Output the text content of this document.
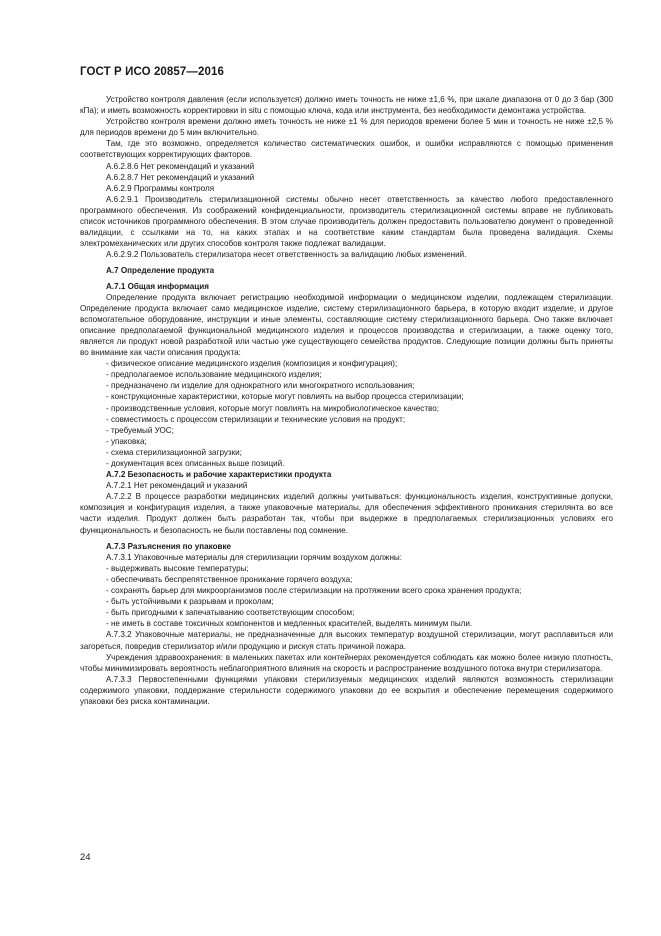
ГОСТ Р ИСО 20857—2016

Устройство контроля давления (если используется) должно иметь точность не ниже ±1,6 %, при шкале диапазона от 0 до 3 бар (300 кПа); и иметь возможность корректировки in situ с помощью ключа, кода или инструмента, без необходимости демонтажа устройства.

Устройство контроля времени должно иметь точность не ниже ±1 % для периодов времени более 5 мин и точность не ниже ±2,5 % для периодов времени до 5 мин включительно.

Там, где это возможно, определяется количество систематических ошибок, и ошибки исправляются с помощью применения соответствующих корректирующих факторов.

А.6.2.8.6 Нет рекомендаций и указаний

А.6.2.8.7 Нет рекомендаций и указаний

А.6.2.9 Программы контроля

А.6.2.9.1 Производитель стерилизационной системы обычно несет ответственность за качество любого предоставленного программного обеспечения. Из соображений конфиденциальности, производитель стерилизационной системы вправе не публиковать список источников программного обеспечения. В этом случае производитель должен предоставить пользователю документ о проведенной валидации, с ссылками на то, на каких этапах и на соответствие каким стандартам была проведена валидация. Схемы электромеханических или других способов контроля также подлежат валидации.

А.6.2.9.2 Пользователь стерилизатора несет ответственность за валидацию любых изменений.

А.7 Определение продукта

А.7.1 Общая информация

Определение продукта включает регистрацию необходимой информации о медицинском изделии, подлежащем стерилизации. Определение продукта включает само медицинское изделие, систему стерилизационного барьера, в которую входит изделие, и другое вспомогательное оборудование, инструкции и иные элементы, составляющие систему стерилизационного барьера. Оно также включает описание предполагаемой функциональной медицинского изделия и процессов производства и стерилизации, а также оценку того, является ли продукт новой разработкой или частью уже существующего семейства продуктов. Следующие позиции должны быть приняты во внимание как части описания продукта:

- физическое описание медицинского изделия (композиция и конфигурация);

- предполагаемое использование медицинского изделия;

- предназначено ли изделие для однократного или многократного использования;

- конструкционные характеристики, которые могут повлиять на выбор процесса стерилизации;

- производственные условия, которые могут повлиять на микробиологическое качество;

- совместимость с процессом стерилизации и технические условия на продукт;

- требуемый УОС;

- упаковка;

- схема стерилизационной загрузки;

- документация всех описанных выше позиций.

А.7.2 Безопасность и рабочие характеристики продукта

А.7.2.1 Нет рекомендаций и указаний

А.7.2.2 В процессе разработки медицинских изделий должны учитываться: функциональность изделия, конструктивные допуски, композиция и конфигурация изделия, а также упаковочные материалы, для обеспечения эффективного проникания стерилянта во все части изделия. Продукт должен быть разработан так, чтобы при выдержке в предполагаемых стерилизационных условиях его функциональность и безопасность не были поставлены под сомнение.

А.7.3 Разъяснения по упаковке

А.7.3.1 Упаковочные материалы для стерилизации горячим воздухом должны:

- выдерживать высокие температуры;

- обеспечивать беспрепятственное проникание горячего воздуха;

- сохранять барьер для микроорганизмов после стерилизации на протяжении всего срока хранения продукта;

- быть устойчивыми к разрывам и проколам;

- быть пригодными к запечатыванию соответствующим способом;

- не иметь в составе токсичных компонентов и медленных красителей, выделять минимум пыли.

А.7.3.2 Упаковочные материалы, не предназначенные для высоких температур воздушной стерилизации, могут расплавиться или загореться, повредив стерилизатор и/или продукцию и рискуя стать причиной пожара.

Учреждения здравоохранения: в маленьких пакетах или контейнерах рекомендуется соблюдать как можно более низкую плотность, чтобы минимизировать вероятность неблагоприятного влияния на скорость и распространение воздушного потока внутри стерилизатора.

А.7.3.3 Первостепенными функциями упаковки стерилизуемых медицинских изделий являются возможность стерилизации содержимого упаковки, поддержание стерильности содержимого упаковки до ее вскрытия и обеспечение перемещения содержимого упаковки без риска контаминации.

24
